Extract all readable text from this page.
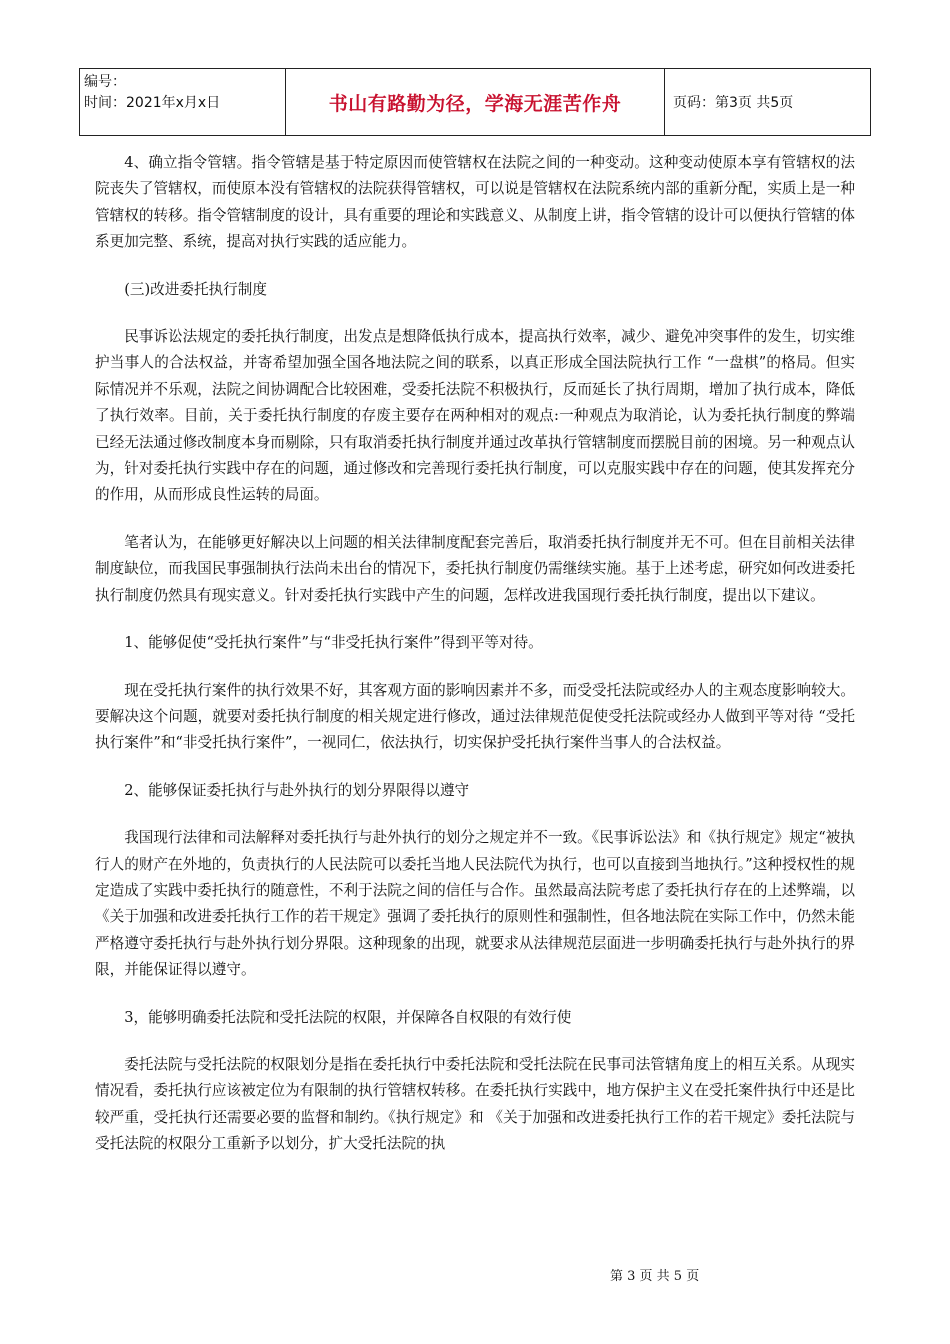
编号：
时间：2021年x月x日	书山有路勤为径，学海无涯苦作舟	页码：第3页 共5页

4、确立指令管辖。指令管辖是基于特定原因而使管辖权在法院之间的一种变动。这种变动使原本享有管辖权的法院丧失了管辖权，而使原本没有管辖权的法院获得管辖权，可以说是管辖权在法院系统内部的重新分配，实质上是一种管辖权的转移。指令管辖制度的设计，具有重要的理论和实践意义、从制度上讲，指令管辖的设计可以便执行管辖的体系更加完整、系统，提高对执行实践的适应能力。

(三)改进委托执行制度

民事诉讼法规定的委托执行制度，出发点是想降低执行成本，提高执行效率，减少、避免冲突事件的发生，切实维护当事人的合法权益，并寄希望加强全国各地法院之间的联系，以真正形成全国法院执行工作 “一盘棋”的格局。但实际情况并不乐观，法院之间协调配合比较困难，受委托法院不积极执行，反而延长了执行周期，增加了执行成本，降低了执行效率。目前，关于委托执行制度的存废主要存在两种相对的观点:一种观点为取消论，认为委托执行制度的弊端已经无法通过修改制度本身而剔除，只有取消委托执行制度并通过改革执行管辖制度而摆脱目前的困境。另一种观点认为，针对委托执行实践中存在的问题，通过修改和完善现行委托执行制度，可以克服实践中存在的问题，使其发挥充分的作用，从而形成良性运转的局面。

笔者认为，在能够更好解决以上问题的相关法律制度配套完善后，取消委托执行制度并无不可。但在目前相关法律制度缺位，而我国民事强制执行法尚未出台的情况下，委托执行制度仍需继续实施。基于上述考虑，研究如何改进委托执行制度仍然具有现实意义。针对委托执行实践中产生的问题，怎样改进我国现行委托执行制度，提出以下建议。

1、能够促使“受托执行案件”与“非受托执行案件”得到平等对待。

现在受托执行案件的执行效果不好，其客观方面的影响因素并不多，而受受托法院或经办人的主观态度影响较大。要解决这个问题，就要对委托执行制度的相关规定进行修改，通过法律规范促使受托法院或经办人做到平等对待 “受托执行案件”和“非受托执行案件”，一视同仁，依法执行，切实保护受托执行案件当事人的合法权益。

2、能够保证委托执行与赴外执行的划分界限得以遵守

我国现行法律和司法解释对委托执行与赴外执行的划分之规定并不一致。《民事诉讼法》和《执行规定》规定“被执行人的财产在外地的，负责执行的人民法院可以委托当地人民法院代为执行，也可以直接到当地执行。”这种授权性的规定造成了实践中委托执行的随意性，不利于法院之间的信任与合作。虽然最高法院考虑了委托执行存在的上述弊端，以《关于加强和改进委托执行工作的若干规定》强调了委托执行的原则性和强制性，但各地法院在实际工作中，仍然未能严格遵守委托执行与赴外执行划分界限。这种现象的出现，就要求从法律规范层面进一步明确委托执行与赴外执行的界限，并能保证得以遵守。

3，能够明确委托法院和受托法院的权限，并保障各自权限的有效行使

委托法院与受托法院的权限划分是指在委托执行中委托法院和受托法院在民事司法管辖角度上的相互关系。从现实情况看，委托执行应该被定位为有限制的执行管辖权转移。在委托执行实践中，地方保护主义在受托案件执行中还是比较严重，受托执行还需要必要的监督和制约。《执行规定》和 《关于加强和改进委托执行工作的若干规定》委托法院与受托法院的权限分工重新予以划分，扩大受托法院的执

第 3 页 共 5 页
